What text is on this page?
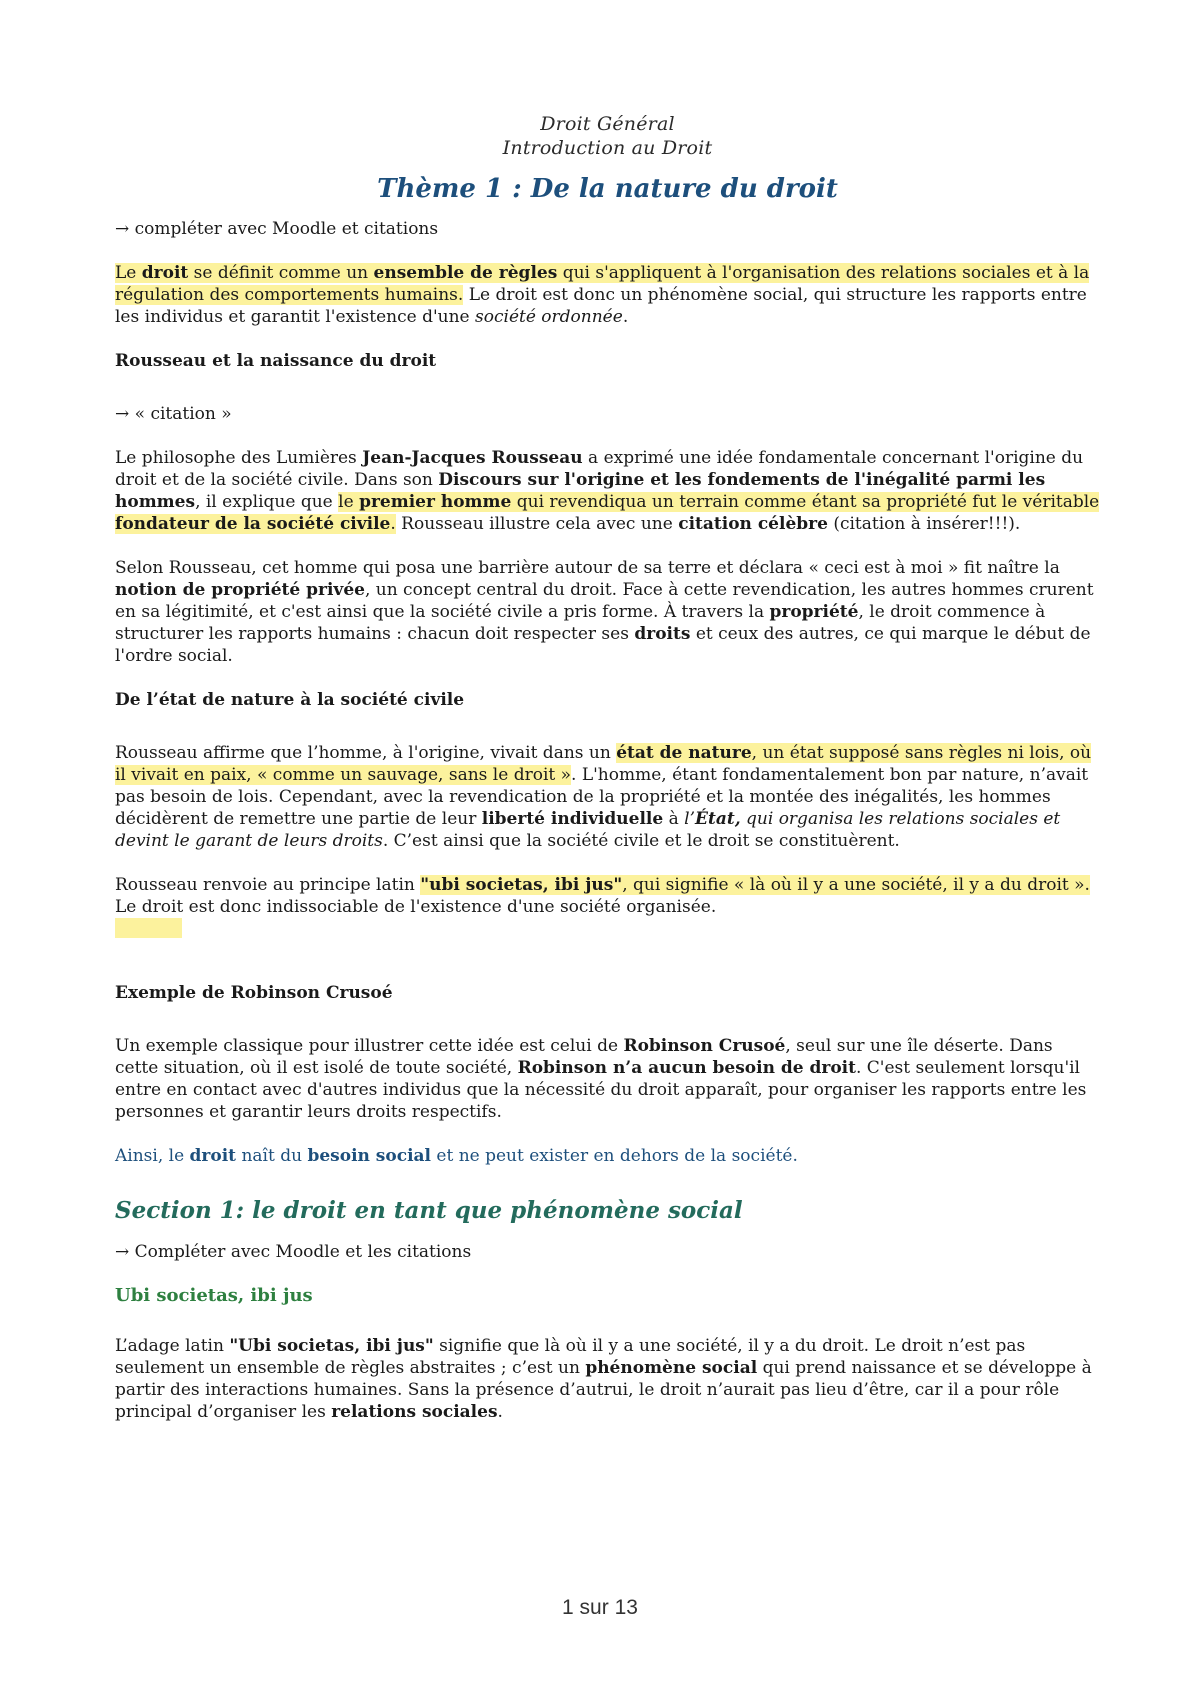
Droit Général
Introduction au Droit
Thème 1 : De la nature du droit

→ compléter avec Moodle et citations

Le droit se définit comme un ensemble de règles qui s'appliquent à l'organisation des relations sociales et à la régulation des comportements humains. Le droit est donc un phénomène social, qui structure les rapports entre les individus et garantit l'existence d'une société ordonnée.

Rousseau et la naissance du droit

→ « citation »

Le philosophe des Lumières Jean-Jacques Rousseau a exprimé une idée fondamentale concernant l'origine du droit et de la société civile. Dans son Discours sur l'origine et les fondements de l'inégalité parmi les hommes, il explique que le premier homme qui revendiqua un terrain comme étant sa propriété fut le véritable fondateur de la société civile. Rousseau illustre cela avec une citation célèbre (citation à insérer!!!).

Selon Rousseau, cet homme qui posa une barrière autour de sa terre et déclara « ceci est à moi » fit naître la notion de propriété privée, un concept central du droit. Face à cette revendication, les autres hommes crurent en sa légitimité, et c'est ainsi que la société civile a pris forme. À travers la propriété, le droit commence à structurer les rapports humains : chacun doit respecter ses droits et ceux des autres, ce qui marque le début de l'ordre social.

De l’état de nature à la société civile

Rousseau affirme que l’homme, à l'origine, vivait dans un état de nature, un état supposé sans règles ni lois, où il vivait en paix, « comme un sauvage, sans le droit ». L'homme, étant fondamentalement bon par nature, n’avait pas besoin de lois. Cependant, avec la revendication de la propriété et la montée des inégalités, les hommes décidèrent de remettre une partie de leur liberté individuelle à l’État, qui organisa les relations sociales et devint le garant de leurs droits. C’est ainsi que la société civile et le droit se constituèrent.

Rousseau renvoie au principe latin "ubi societas, ibi jus", qui signifie « là où il y a une société, il y a du droit ». Le droit est donc indissociable de l'existence d'une société organisée.

Exemple de Robinson Crusoé

Un exemple classique pour illustrer cette idée est celui de Robinson Crusoé, seul sur une île déserte. Dans cette situation, où il est isolé de toute société, Robinson n’a aucun besoin de droit. C'est seulement lorsqu'il entre en contact avec d'autres individus que la nécessité du droit apparaît, pour organiser les rapports entre les personnes et garantir leurs droits respectifs.

Ainsi, le droit naît du besoin social et ne peut exister en dehors de la société.

Section 1: le droit en tant que phénomène social

→ Compléter avec Moodle et les citations

Ubi societas, ibi jus

L’adage latin "Ubi societas, ibi jus" signifie que là où il y a une société, il y a du droit. Le droit n’est pas seulement un ensemble de règles abstraites ; c’est un phénomène social qui prend naissance et se développe à partir des interactions humaines. Sans la présence d’autrui, le droit n’aurait pas lieu d’être, car il a pour rôle principal d’organiser les relations sociales.

1 sur 13
